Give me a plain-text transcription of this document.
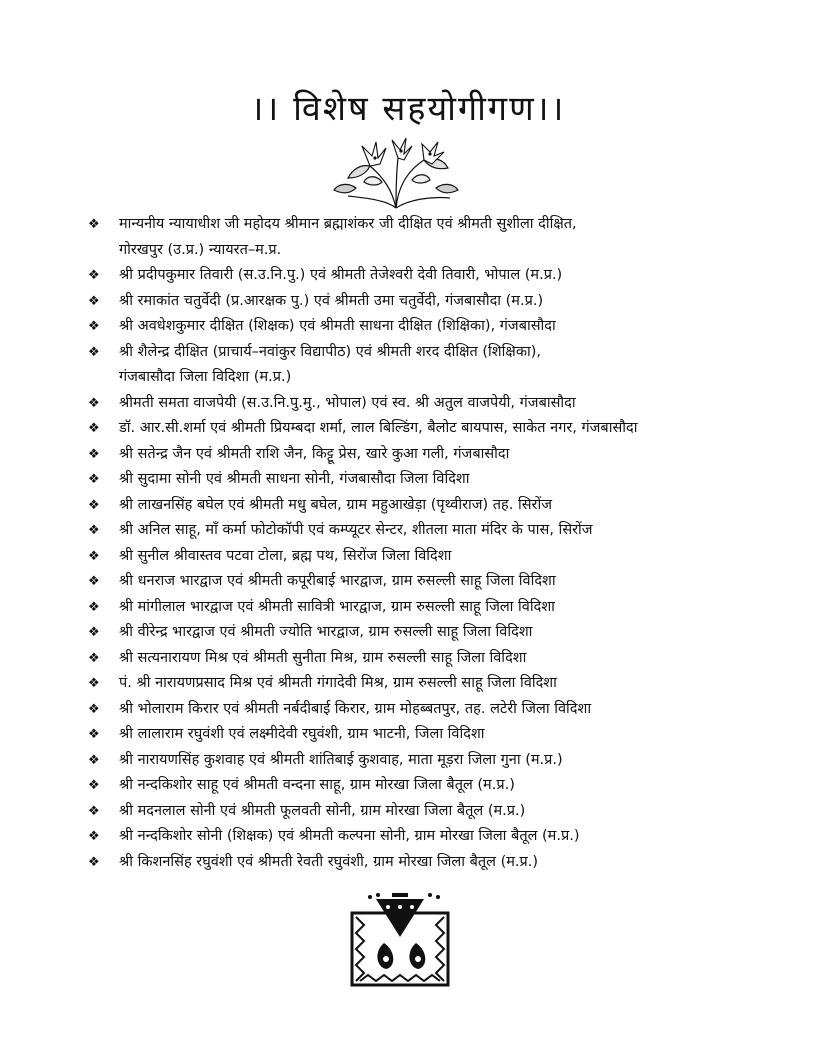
।। विशेष सहयोगीगण।।
❖ मान्यनीय न्यायाधीश जी महोदय श्रीमान ब्रह्माशंकर जी दीक्षित एवं श्रीमती सुशीला दीक्षित,
गोरखपुर (उ.प्र.) न्यायरत–म.प्र.
❖ श्री प्रदीपकुमार तिवारी (स.उ.नि.पु.) एवं श्रीमती तेजेश्वरी देवी तिवारी, भोपाल (म.प्र.)
❖ श्री रमाकांत चतुर्वेदी (प्र.आरक्षक पु.) एवं श्रीमती उमा चतुर्वेदी, गंजबासौदा (म.प्र.)
❖ श्री अवधेशकुमार दीक्षित (शिक्षक) एवं श्रीमती साधना दीक्षित (शिक्षिका), गंजबासौदा
❖ श्री शैलेन्द्र दीक्षित (प्राचार्य–नवांकुर विद्यापीठ) एवं श्रीमती शरद दीक्षित (शिक्षिका),
गंजबासौदा जिला विदिशा (म.प्र.)
❖ श्रीमती समता वाजपेयी (स.उ.नि.पु.मु., भोपाल) एवं स्व. श्री अतुल वाजपेयी, गंजबासौदा
❖ डॉ. आर.सी.शर्मा एवं श्रीमती प्रियम्बदा शर्मा, लाल बिल्डिंग, बैलोट बायपास, साकेत नगर, गंजबासौदा
❖ श्री सतेन्द्र जैन एवं श्रीमती राशि जैन, किट्टू प्रेस, खारे कुआ गली, गंजबासौदा
❖ श्री सुदामा सोनी एवं श्रीमती साधना सोनी, गंजबासौदा जिला विदिशा
❖ श्री लाखनसिंह बघेल एवं श्रीमती मधु बघेल, ग्राम महुआखेड़ा (पृथ्वीराज) तह. सिरोंज
❖ श्री अनिल साहू, माँ कर्मा फोटोकॉपी एवं कम्प्यूटर सेन्टर, शीतला माता मंदिर के पास, सिरोंज
❖ श्री सुनील श्रीवास्तव पटवा टोला, ब्रह्म पथ, सिरोंज जिला विदिशा
❖ श्री धनराज भारद्वाज एवं श्रीमती कपूरीबाई भारद्वाज, ग्राम रुसल्ली साहू जिला विदिशा
❖ श्री मांगीलाल भारद्वाज एवं श्रीमती सावित्री भारद्वाज, ग्राम रुसल्ली साहू जिला विदिशा
❖ श्री वीरेन्द्र भारद्वाज एवं श्रीमती ज्योति भारद्वाज, ग्राम रुसल्ली साहू जिला विदिशा
❖ श्री सत्यनारायण मिश्र एवं श्रीमती सुनीता मिश्र, ग्राम रुसल्ली साहू जिला विदिशा
❖ पं. श्री नारायणप्रसाद मिश्र एवं श्रीमती गंगादेवी मिश्र, ग्राम रुसल्ली साहू जिला विदिशा
❖ श्री भोलाराम किरार एवं श्रीमती नर्बदीबाई किरार, ग्राम मोहब्बतपुर, तह. लटेरी जिला विदिशा
❖ श्री लालाराम रघुवंशी एवं लक्ष्मीदेवी रघुवंशी, ग्राम भाटनी, जिला विदिशा
❖ श्री नारायणसिंह कुशवाह एवं श्रीमती शांतिबाई कुशवाह, माता मूड़रा जिला गुना (म.प्र.)
❖ श्री नन्दकिशोर साहू एवं श्रीमती वन्दना साहू, ग्राम मोरखा जिला बैतूल (म.प्र.)
❖ श्री मदनलाल सोनी एवं श्रीमती फूलवती सोनी, ग्राम मोरखा जिला बैतूल (म.प्र.)
❖ श्री नन्दकिशोर सोनी (शिक्षक) एवं श्रीमती कल्पना सोनी, ग्राम मोरखा जिला बैतूल (म.प्र.)
❖ श्री किशनसिंह रघुवंशी एवं श्रीमती रेवती रघुवंशी, ग्राम मोरखा जिला बैतूल (म.प्र.)
